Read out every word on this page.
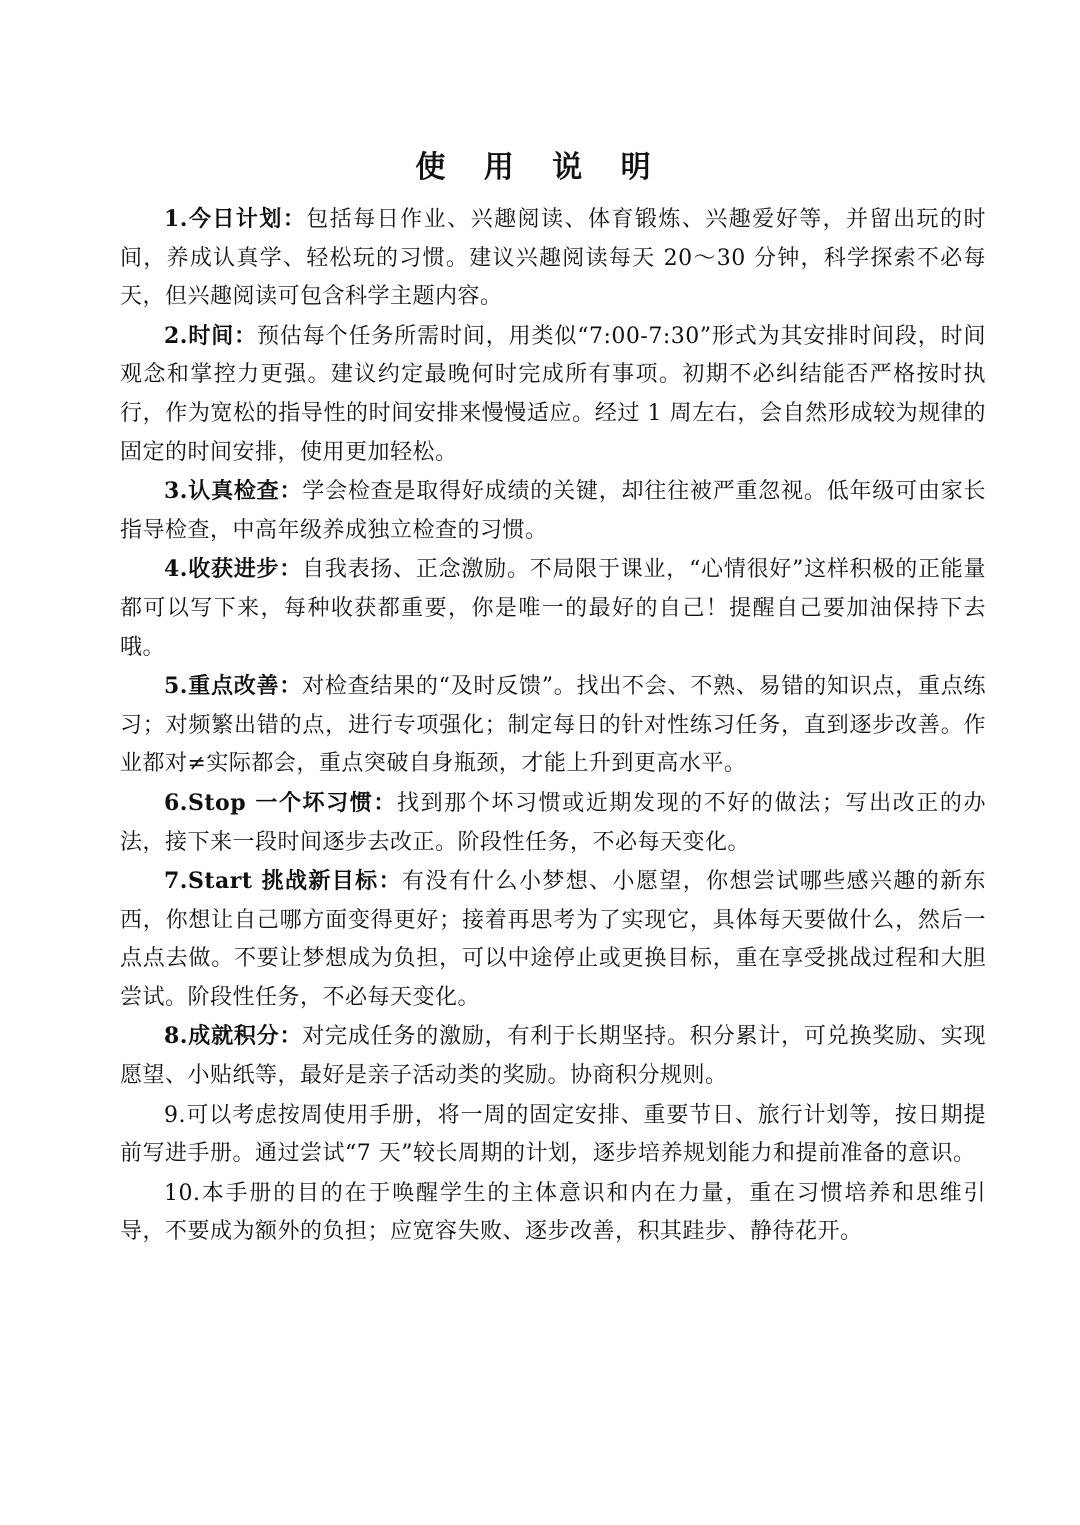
使 用 说 明

1.今日计划：包括每日作业、兴趣阅读、体育锻炼、兴趣爱好等，并留出玩的时间，养成认真学、轻松玩的习惯。建议兴趣阅读每天 20～30 分钟，科学探索不必每天，但兴趣阅读可包含科学主题内容。

2.时间：预估每个任务所需时间，用类似“7:00-7:30”形式为其安排时间段，时间观念和掌控力更强。建议约定最晚何时完成所有事项。初期不必纠结能否严格按时执行，作为宽松的指导性的时间安排来慢慢适应。经过 1 周左右，会自然形成较为规律的固定的时间安排，使用更加轻松。

3.认真检查：学会检查是取得好成绩的关键，却往往被严重忽视。低年级可由家长指导检查，中高年级养成独立检查的习惯。

4.收获进步：自我表扬、正念激励。不局限于课业，“心情很好”这样积极的正能量都可以写下来，每种收获都重要，你是唯一的最好的自己！提醒自己要加油保持下去哦。

5.重点改善：对检查结果的“及时反馈”。找出不会、不熟、易错的知识点，重点练习；对频繁出错的点，进行专项强化；制定每日的针对性练习任务，直到逐步改善。作业都对≠实际都会，重点突破自身瓶颈，才能上升到更高水平。

6.Stop 一个坏习惯：找到那个坏习惯或近期发现的不好的做法；写出改正的办法，接下来一段时间逐步去改正。阶段性任务，不必每天变化。

7.Start 挑战新目标：有没有什么小梦想、小愿望，你想尝试哪些感兴趣的新东西，你想让自己哪方面变得更好；接着再思考为了实现它，具体每天要做什么，然后一点点去做。不要让梦想成为负担，可以中途停止或更换目标，重在享受挑战过程和大胆尝试。阶段性任务，不必每天变化。

8.成就积分：对完成任务的激励，有利于长期坚持。积分累计，可兑换奖励、实现愿望、小贴纸等，最好是亲子活动类的奖励。协商积分规则。

9.可以考虑按周使用手册，将一周的固定安排、重要节日、旅行计划等，按日期提前写进手册。通过尝试“7 天”较长周期的计划，逐步培养规划能力和提前准备的意识。

10.本手册的目的在于唤醒学生的主体意识和内在力量，重在习惯培养和思维引导，不要成为额外的负担；应宽容失败、逐步改善，积其跬步、静待花开。
